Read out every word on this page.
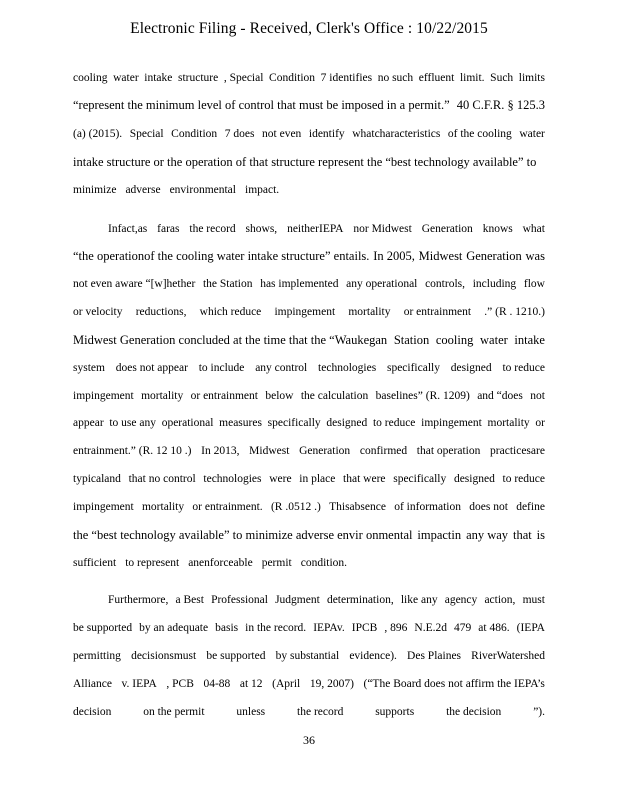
Electronic Filing - Received, Clerk's Office : 10/22/2015
cooling water intake structure , Special Condition 7 identifies no such effluent limit. Such limits
“represent the minimum level of control that must be imposed in a permit.” 40 C.F.R. § 125.3
(a) (2015). Special Condition 7 does not even identify whatcharacteristics of the cooling water
intake structure or the operation of that structure represent the “best technology available” to
minimize adverse environmental impact.
Infact,as faras the record shows, neitherIEPA nor Midwest Generation knows what
“the operationof the cooling water intake structure” entails. In 2005, Midwest Generation was
not even aware “[w]hether the Station has implemented any operational controls, including flow
or velocity reductions, which reduce impingement mortality or entrainment .” (R . 1210.)
Midwest Generation concluded at the time that the “Waukegan Station cooling water intake
system does not appear to include any control technologies specifically designed to reduce
impingement mortality or entrainment below the calculation baselines” (R. 1209) and “does not
appear to use any operational measures specifically designed to reduce impingement mortality or
entrainment.” (R. 12 10 .) In 2013, Midwest Generation confirmed that operation practicesare
typicaland that no control technologies were in place that were specifically designed to reduce
impingement mortality or entrainment. (R .0512 .) Thisabsence of information does not define
the “best technology available” to minimize adverse envir onmental impactin any way that is
sufficient to represent anenforceable permit condition.
Furthermore, a Best Professional Judgment determination, like any agency action, must
be supported by an adequate basis in the record. IEPAv. IPCB , 896 N.E.2d 479 at 486. (IEPA
permitting decisionsmust be supported by substantial evidence). Des Plaines RiverWatershed
Alliance v. IEPA , PCB 04-88 at 12 (April 19, 2007) (“The Board does not affirm the IEPA’s
decision	on the permit	unless	the record	supports	the decision	”).
36
